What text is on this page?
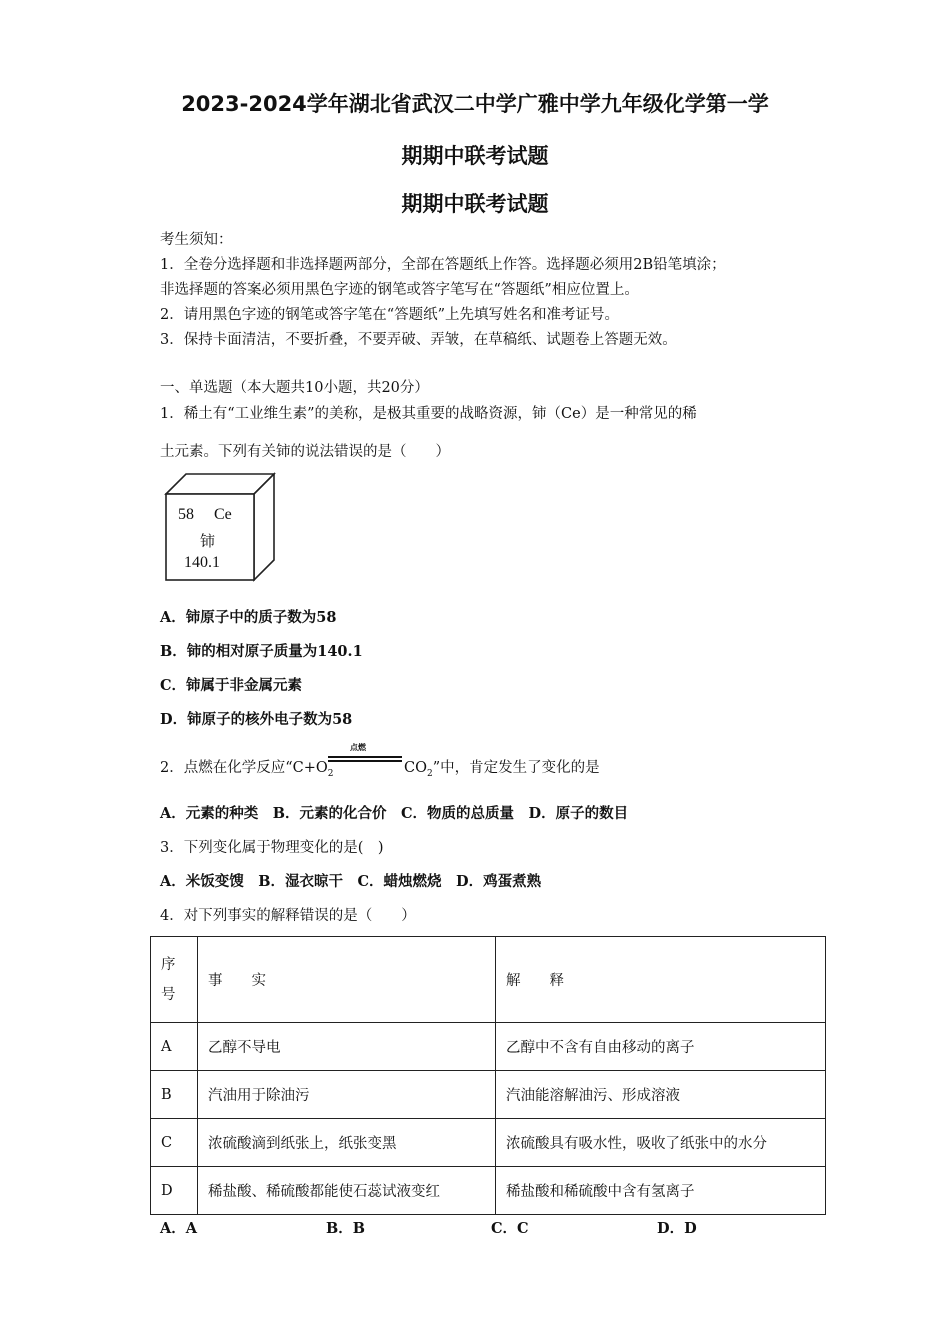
2023-2024学年湖北省武汉二中学广雅中学九年级化学第一学
期期中联考试题
期期中联考试题
考生须知：
1．全卷分选择题和非选择题两部分，全部在答题纸上作答。选择题必须用2B铅笔填涂；
非选择题的答案必须用黑色字迹的钢笔或答字笔写在“答题纸”相应位置上。
2．请用黑色字迹的钢笔或答字笔在“答题纸”上先填写姓名和准考证号。
3．保持卡面清洁，不要折叠，不要弄破、弄皱，在草稿纸、试题卷上答题无效。
一、单选题（本大题共10小题，共20分）
1．稀土有“工业维生素”的美称，是极其重要的战略资源，铈（Ce）是一种常见的稀
土元素。下列有关铈的说法错误的是（　　）
58 Ce
铈
140.1
A．铈原子中的质子数为58
B．铈的相对原子质量为140.1
C．铈属于非金属元素
D．铈原子的核外电子数为58
2．点燃在化学反应“$C+O_2$
点燃
$CO_2$”中，肯定发生了变化的是
A．元素的种类　B．元素的化合价　C．物质的总质量　D．原子的数目
3．下列变化属于物理变化的是(　)
A．米饭变馊　B．湿衣晾干　C．蜡烛燃烧　D．鸡蛋煮熟
4．对下列事实的解释错误的是（　　）
序
号	事　　实	解　　释
A	乙醇不导电	乙醇中不含有自由移动的离子
B	汽油用于除油污	汽油能溶解油污、形成溶液
C	浓硫酸滴到纸张上，纸张变黑	浓硫酸具有吸水性，吸收了纸张中的水分
D	稀盐酸、稀硫酸都能使石蕊试液变红	稀盐酸和稀硫酸中含有氢离子
A．A	B．B	C．C	D．D
